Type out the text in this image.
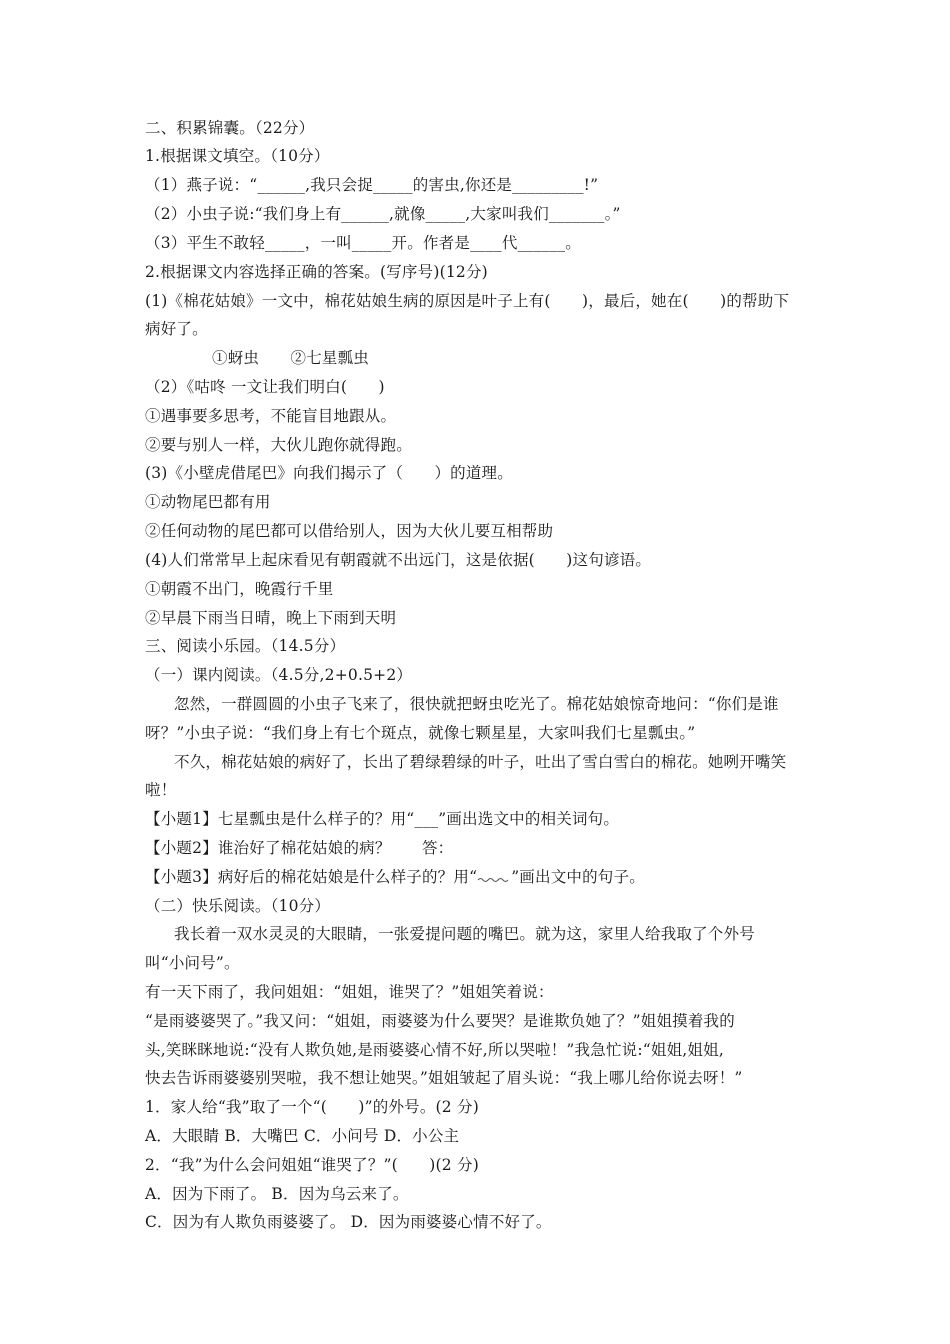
二、积累锦囊。（22分）
1.根据课文填空。（10分）
（1）燕子说：“______,我只会捉_____的害虫,你还是_________!”
（2）小虫子说:“我们身上有______,就像_____,大家叫我们_______。”
（3）平生不敢轻_____，一叫_____开。作者是____代______。
2.根据课文内容选择正确的答案。(写序号)(12分)
(1)《棉花姑娘》一文中，棉花姑娘生病的原因是叶子上有(　　)，最后，她在(　　)的帮助下
病好了。
①蚜虫　　②七星瓢虫
（2）《咕咚 一文让我们明白(　　)
①遇事要多思考，不能盲目地跟从。
②要与别人一样，大伙儿跑你就得跑。
(3)《小壁虎借尾巴》向我们揭示了（　　）的道理。
①动物尾巴都有用
②任何动物的尾巴都可以借给别人，因为大伙儿要互相帮助
(4)人们常常早上起床看见有朝霞就不出远门，这是依据(　　)这句谚语。
①朝霞不出门，晚霞行千里
②早晨下雨当日晴，晚上下雨到天明
三、阅读小乐园。（14.5分）
（一）课内阅读。（4.5分,2+0.5+2）
忽然，一群圆圆的小虫子飞来了，很快就把蚜虫吃光了。棉花姑娘惊奇地问：“你们是谁
呀？”小虫子说：“我们身上有七个斑点，就像七颗星星，大家叫我们七星瓢虫。”
不久，棉花姑娘的病好了，长出了碧绿碧绿的叶子，吐出了雪白雪白的棉花。她咧开嘴笑
啦！
【小题1】七星瓢虫是什么样子的？用“___”画出选文中的相关词句。
【小题2】谁治好了棉花姑娘的病？　　答：
【小题3】病好后的棉花姑娘是什么样子的？用“ ”画出文中的句子。
（二）快乐阅读。（10分）
我长着一双水灵灵的大眼睛，一张爱提问题的嘴巴。就为这，家里人给我取了个外号
叫“小问号”。
有一天下雨了，我问姐姐：“姐姐，谁哭了？”姐姐笑着说：
“是雨婆婆哭了。”我又问：“姐姐，雨婆婆为什么要哭？是谁欺负她了？”姐姐摸着我的
头,笑眯眯地说:“没有人欺负她,是雨婆婆心情不好,所以哭啦！”我急忙说:“姐姐,姐姐,
快去告诉雨婆婆别哭啦，我不想让她哭。”姐姐皱起了眉头说：“我上哪儿给你说去呀！”
1．家人给“我”取了一个“(　　)”的外号。(2 分)
A．大眼睛 B．大嘴巴 C．小问号 D．小公主
2．“我”为什么会问姐姐“谁哭了？”(　　)(2 分)
A．因为下雨了。 B．因为乌云来了。
C．因为有人欺负雨婆婆了。 D．因为雨婆婆心情不好了。
